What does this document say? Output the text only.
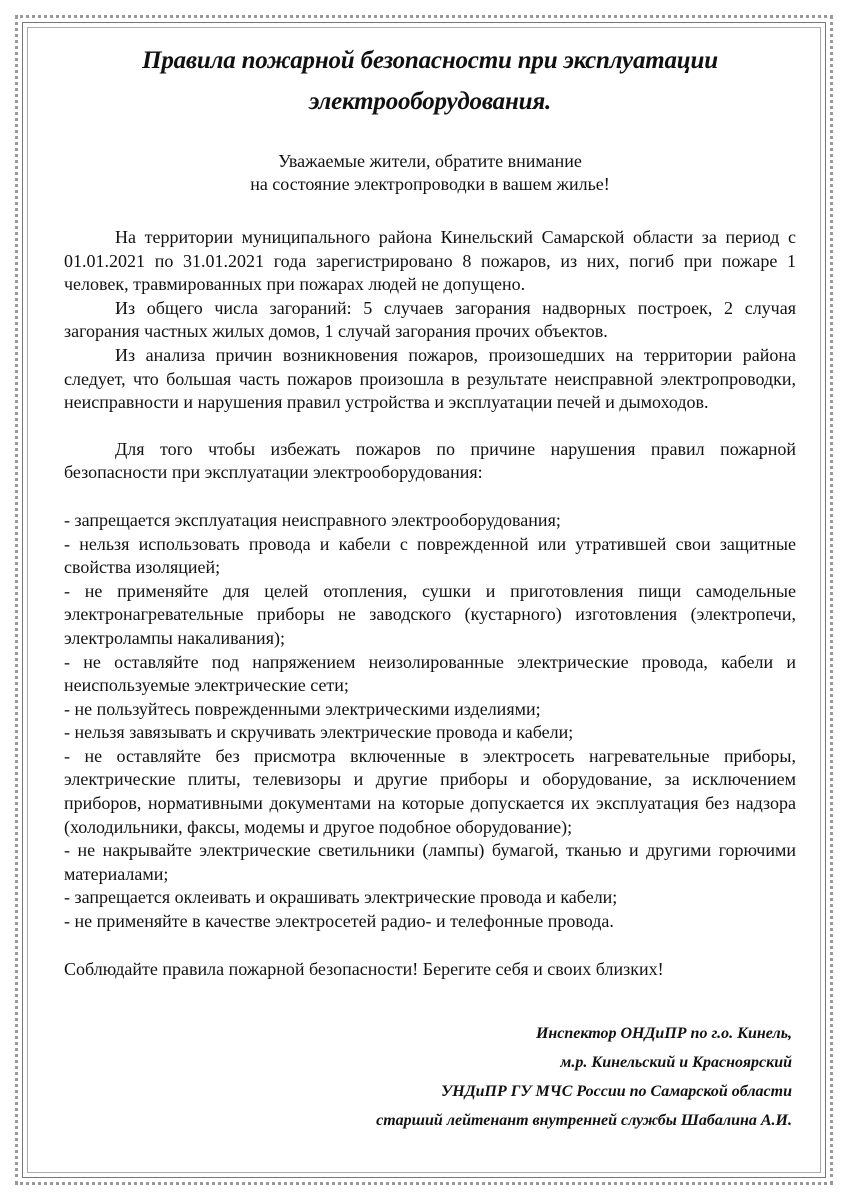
Правила пожарной безопасности при эксплуатации электрооборудования.
Уважаемые жители, обратите внимание
на состояние электропроводки в вашем жилье!

На территории муниципального района Кинельский Самарской области за период с 01.01.2021 по 31.01.2021 года зарегистрировано 8 пожаров, из них, погиб при пожаре 1 человек, травмированных при пожарах людей не допущено.

Из общего числа загораний: 5 случаев загорания надворных построек, 2 случая загорания частных жилых домов, 1 случай загорания прочих объектов.

Из анализа причин возникновения пожаров, произошедших на территории района следует, что большая часть пожаров произошла в результате неисправной электропроводки, неисправности и нарушения правил устройства и эксплуатации печей и дымоходов.

Для того чтобы избежать пожаров по причине нарушения правил пожарной безопасности при эксплуатации электрооборудования:

- запрещается эксплуатация неисправного электрооборудования;

- нельзя использовать провода и кабели с поврежденной или утратившей свои защитные свойства изоляцией;

- не применяйте для целей отопления, сушки и приготовления пищи самодельные электронагревательные приборы не заводского (кустарного) изготовления (электропечи, электролампы накаливания);

- не оставляйте под напряжением неизолированные электрические провода, кабели и неиспользуемые электрические сети;

- не пользуйтесь поврежденными электрическими изделиями;

- нельзя завязывать и скручивать электрические провода и кабели;

- не оставляйте без присмотра включенные в электросеть нагревательные приборы, электрические плиты, телевизоры и другие приборы и оборудование, за исключением приборов, нормативными документами на которые допускается их эксплуатация без надзора (холодильники, факсы, модемы и другое подобное оборудование);

- не накрывайте электрические светильники (лампы) бумагой, тканью и другими горючими материалами;

- запрещается оклеивать и окрашивать электрические провода и кабели;

- не применяйте в качестве электросетей радио- и телефонные провода.

Соблюдайте правила пожарной безопасности! Берегите себя и своих близких!

Инспектор ОНДиПР по г.о. Кинель,
м.р. Кинельский и Красноярский
УНДиПР ГУ МЧС России по Самарской области
старший лейтенант внутренней службы Шабалина А.И.
